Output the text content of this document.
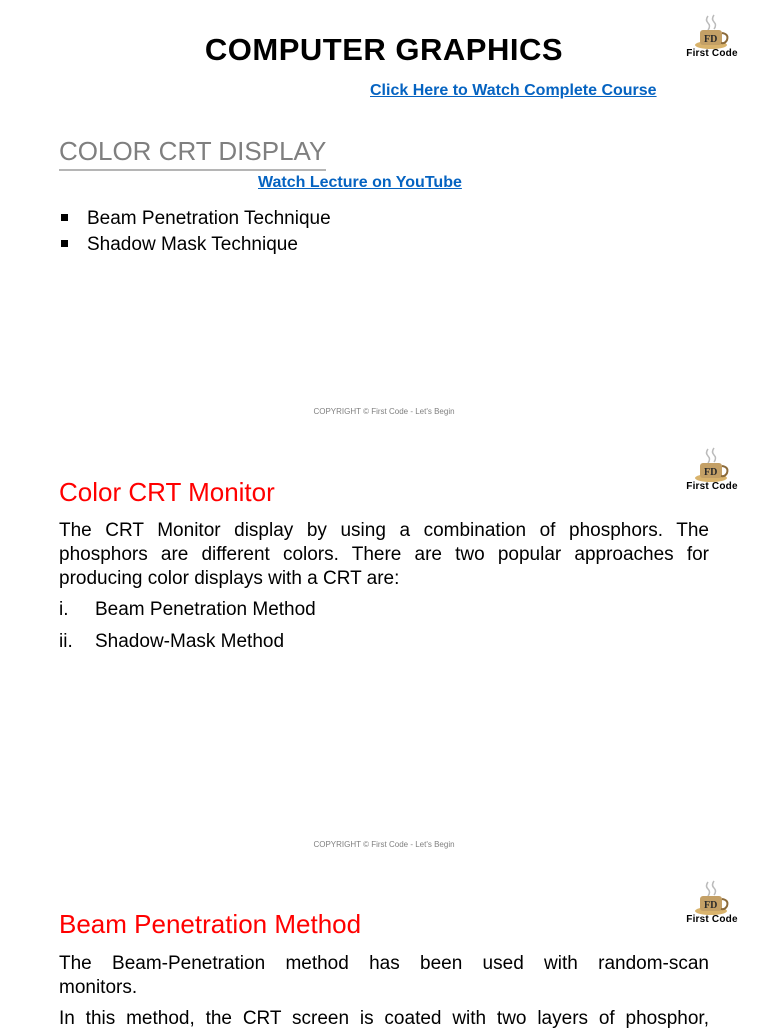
FD
First Code
COMPUTER GRAPHICS
Click Here to Watch Complete Course
COLOR CRT DISPLAY
Watch Lecture on YouTube
Beam Penetration Technique
Shadow Mask Technique
COPYRIGHT © First Code - Let's Begin
FD
First Code
Color CRT Monitor
The CRT Monitor display by using a combination of phosphors. The
phosphors are different colors. There are two popular approaches for
producing color displays with a CRT are:
i. Beam Penetration Method
ii. Shadow-Mask Method
COPYRIGHT © First Code - Let's Begin
FD
First Code
Beam Penetration Method
The Beam-Penetration method has been used with random-scan
monitors.
In this method, the CRT screen is coated with two layers of phosphor,
